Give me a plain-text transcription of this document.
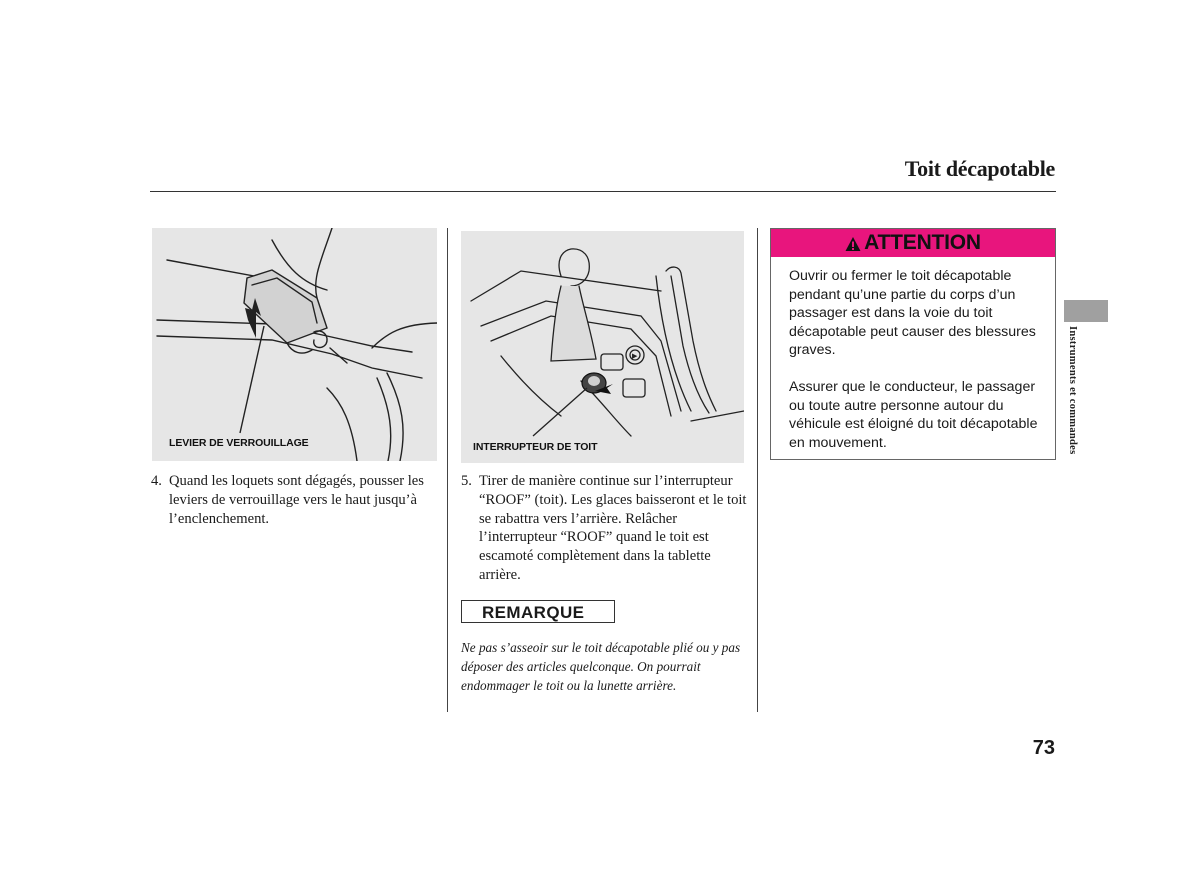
Toit décapotable
LEVIER DE VERROUILLAGE
▶
INTERRUPTEUR DE TOIT
4. Quand les loquets sont dégagés, pousser les leviers de verrouillage vers le haut jusqu’à l’enclenchement.
5. Tirer de manière continue sur l’interrupteur “ROOF” (toit). Les glaces baisseront et le toit se rabattra vers l’arrière. Relâcher l’interrupteur “ROOF” quand le toit est escamoté complètement dans la tablette arrière.
REMARQUE
Ne pas s’asseoir sur le toit décapotable plié ou y pas déposer des articles quelconque. On pourrait endommager le toit ou la lunette arrière.
ATTENTION
Ouvrir ou fermer le toit décapotable pendant qu’une partie du corps d’un passager est dans la voie du toit décapotable peut causer des blessures graves.
Assurer que le conducteur, le passager ou toute autre personne autour du véhicule est éloigné du toit décapotable en mouvement.	Instruments et commandes
73
